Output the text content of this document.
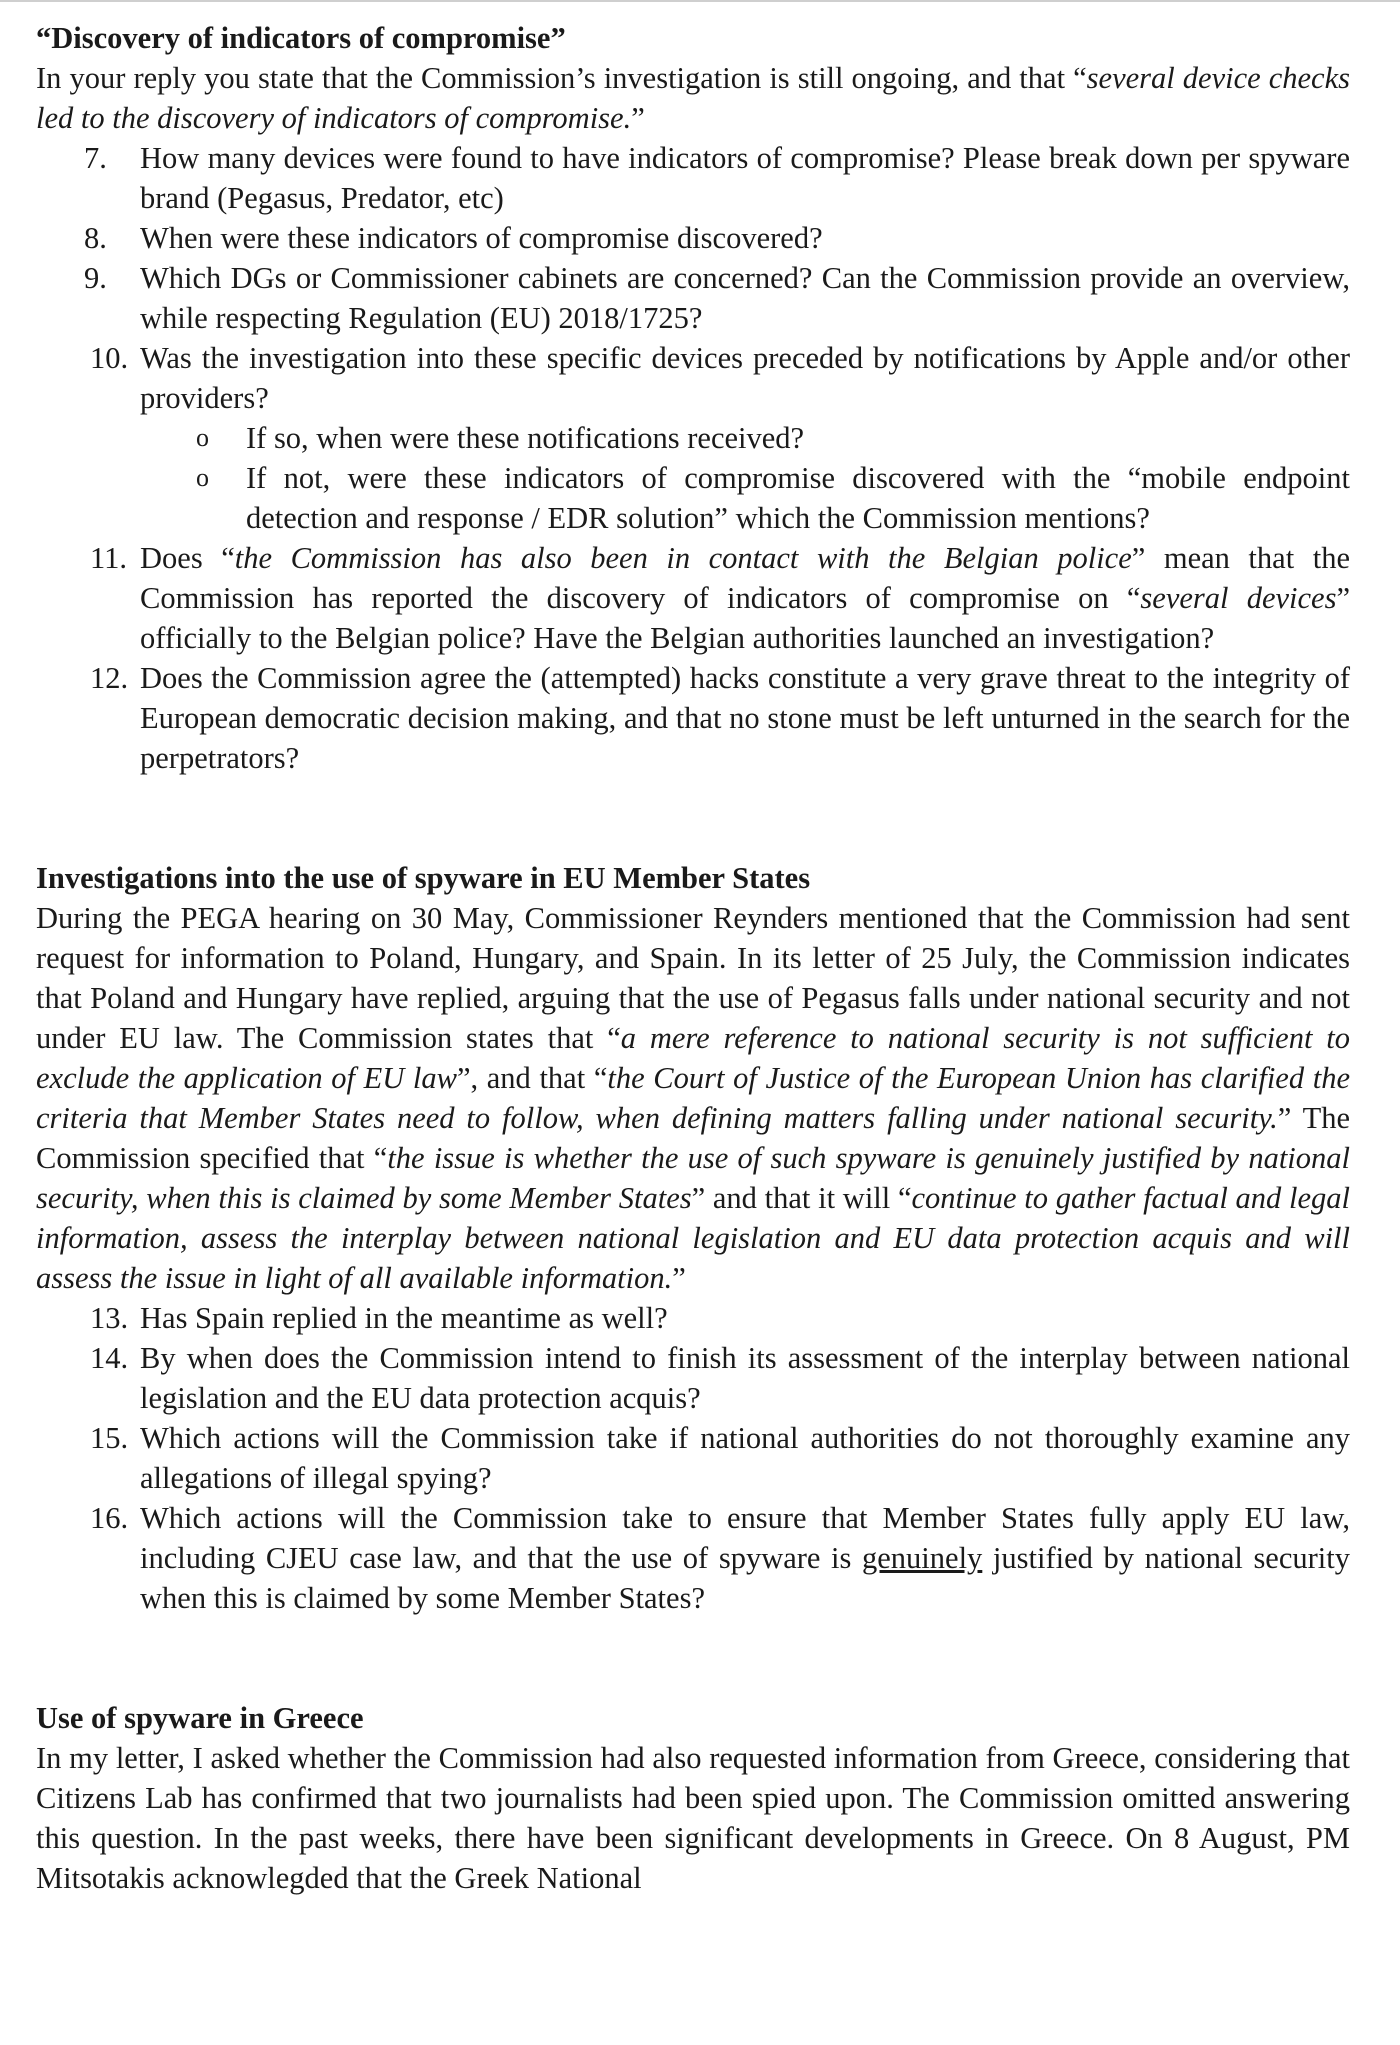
“Discovery of indicators of compromise”

In your reply you state that the Commission’s investigation is still ongoing, and that “several device checks led to the discovery of indicators of compromise.”

7.	How many devices were found to have indicators of compromise? Please break down per spyware brand (Pegasus, Predator, etc)
8.	When were these indicators of compromise discovered?
9.	Which DGs or Commissioner cabinets are concerned? Can the Commission provide an overview, while respecting Regulation (EU) 2018/1725?
10. Was the investigation into these specific devices preceded by notifications by Apple and/or other providers?
o If so, when were these notifications received?
o If not, were these indicators of compromise discovered with the “mobile endpoint detection and response / EDR solution” which the Commission mentions?
11. Does “the Commission has also been in contact with the Belgian police” mean that the Commission has reported the discovery of indicators of compromise on “several devices” officially to the Belgian police? Have the Belgian authorities launched an investigation?
12. Does the Commission agree the (attempted) hacks constitute a very grave threat to the integrity of European democratic decision making, and that no stone must be left unturned in the search for the perpetrators?

Investigations into the use of spyware in EU Member States

During the PEGA hearing on 30 May, Commissioner Reynders mentioned that the Commission had sent request for information to Poland, Hungary, and Spain. In its letter of 25 July, the Commission indicates that Poland and Hungary have replied, arguing that the use of Pegasus falls under national security and not under EU law. The Commission states that “a mere reference to national security is not sufficient to exclude the application of EU law”, and that “the Court of Justice of the European Union has clarified the criteria that Member States need to follow, when defining matters falling under national security.” The Commission specified that “the issue is whether the use of such spyware is genuinely justified by national security, when this is claimed by some Member States” and that it will “continue to gather factual and legal information, assess the interplay between national legislation and EU data protection acquis and will assess the issue in light of all available information.”

13. Has Spain replied in the meantime as well?
14. By when does the Commission intend to finish its assessment of the interplay between national legislation and the EU data protection acquis?
15. Which actions will the Commission take if national authorities do not thoroughly examine any allegations of illegal spying?
16. Which actions will the Commission take to ensure that Member States fully apply EU law, including CJEU case law, and that the use of spyware is genuinely justified by national security when this is claimed by some Member States?

Use of spyware in Greece

In my letter, I asked whether the Commission had also requested information from Greece, considering that Citizens Lab has confirmed that two journalists had been spied upon. The Commission omitted answering this question. In the past weeks, there have been significant developments in Greece. On 8 August, PM Mitsotakis acknowlegded that the Greek National
